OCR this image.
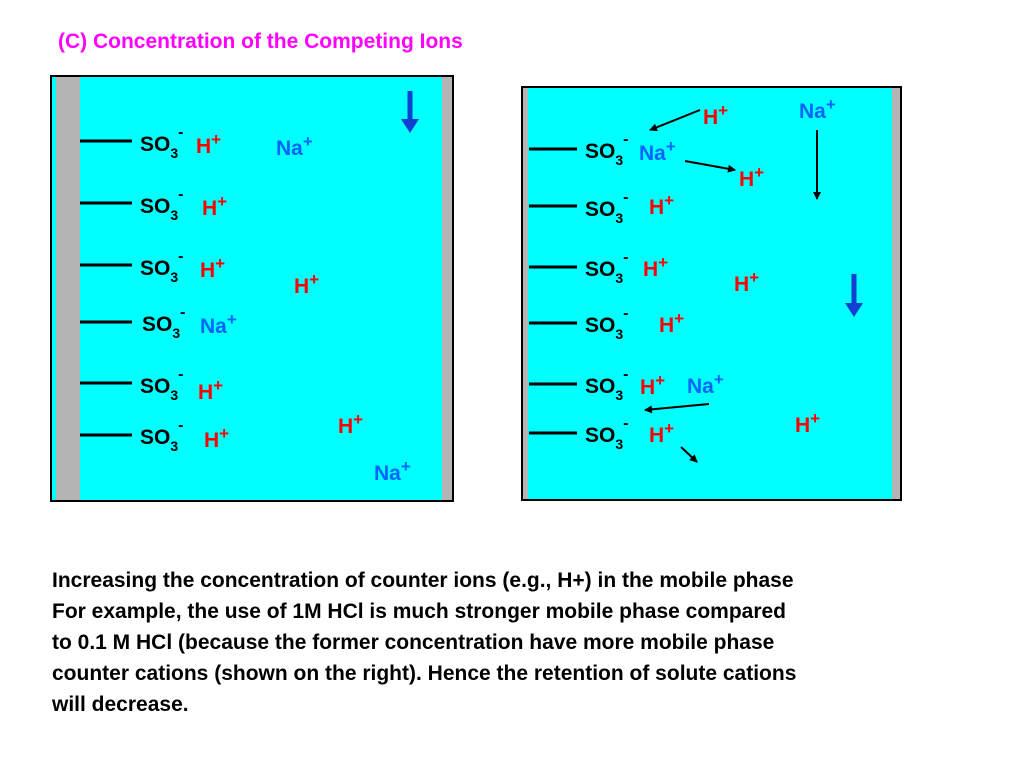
(C) Concentration of the Competing Ions
$SO_3^-$
H+
$SO_3^-$
H+
$SO_3^-$
H+
$SO_3^-$
Na+
$SO_3^-$
H+
$SO_3^-$
H+
Na+
H+
H+
Na+
$SO_3^-$
Na+
$SO_3^-$ H+
$SO_3^-$
H+
$SO_3^-$
H+
$SO_3^-$
H+
$SO_3^-$
H+
H+	Na+
H+
H+
Na+
H+
Increasing the concentration of counter ions (e.g., H+) in the mobile phase
For example, the use of 1M HCl is much stronger mobile phase compared
to 0.1 M HCl (because the former concentration have more mobile phase
counter cations (shown on the right). Hence the retention of solute cations
will decrease.
